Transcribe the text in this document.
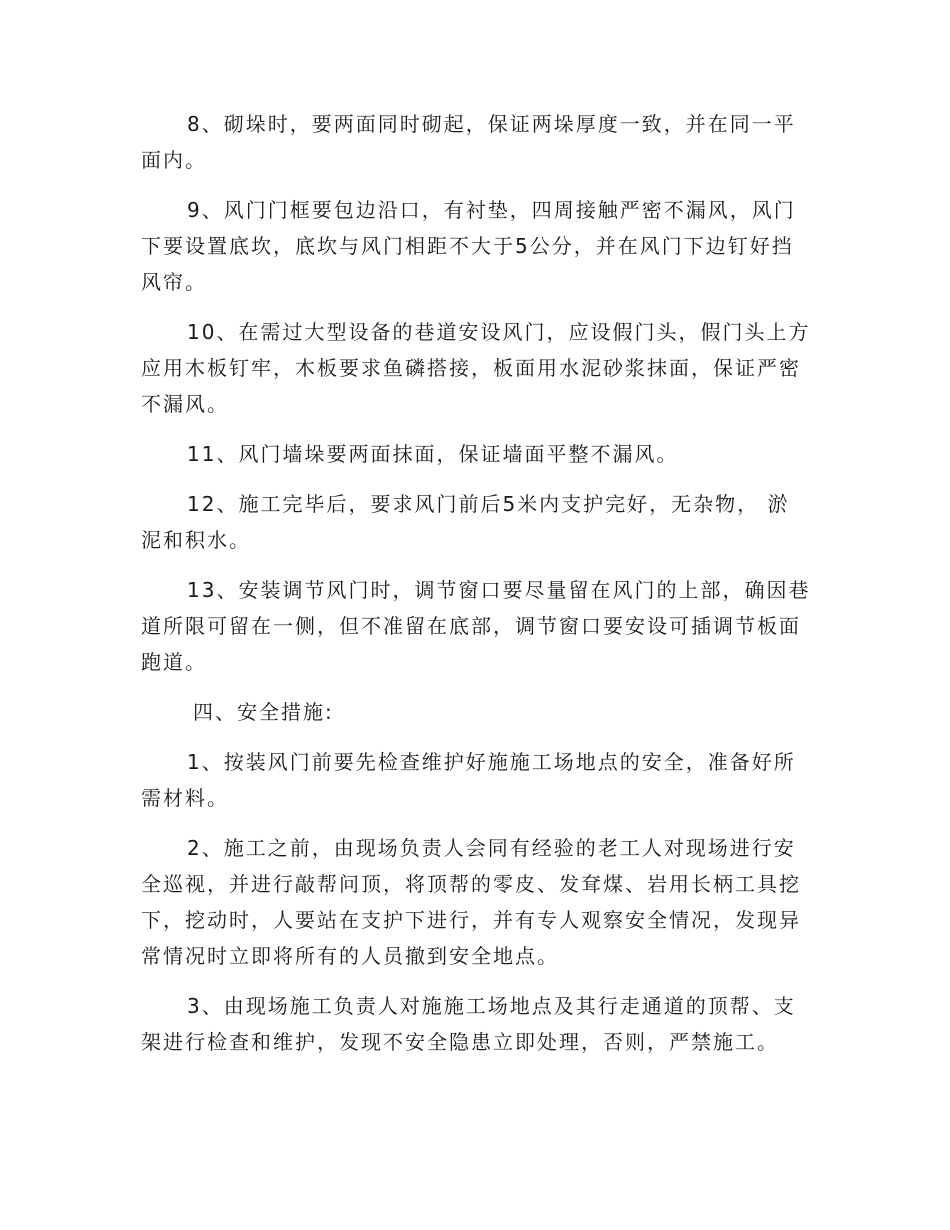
8、砌垛时，要两面同时砌起，保证两垛厚度一致，并在同一平面内。

9、风门门框要包边沿口，有衬垫，四周接触严密不漏风，风门下要设置底坎，底坎与风门相距不大于5公分，并在风门下边钉好挡风帘。

10、在需过大型设备的巷道安设风门，应设假门头，假门头上方应用木板钉牢，木板要求鱼磷搭接，板面用水泥砂浆抹面，保证严密不漏风。

11、风门墙垛要两面抹面，保证墙面平整不漏风。

12、施工完毕后，要求风门前后5米内支护完好，无杂物， 淤泥和积水。

13、安装调节风门时，调节窗口要尽量留在风门的上部，确因巷道所限可留在一侧，但不准留在底部，调节窗口要安设可插调节板面跑道。

四、安全措施:

1、按装风门前要先检查维护好施施工场地点的安全，准备好所需材料。

2、施工之前，由现场负责人会同有经验的老工人对现场进行安全巡视，并进行敲帮问顶，将顶帮的零皮、发耷煤、岩用长柄工具挖下，挖动时，人要站在支护下进行，并有专人观察安全情况，发现异常情况时立即将所有的人员撤到安全地点。

3、由现场施工负责人对施施工场地点及其行走通道的顶帮、支架进行检查和维护，发现不安全隐患立即处理，否则，严禁施工。
